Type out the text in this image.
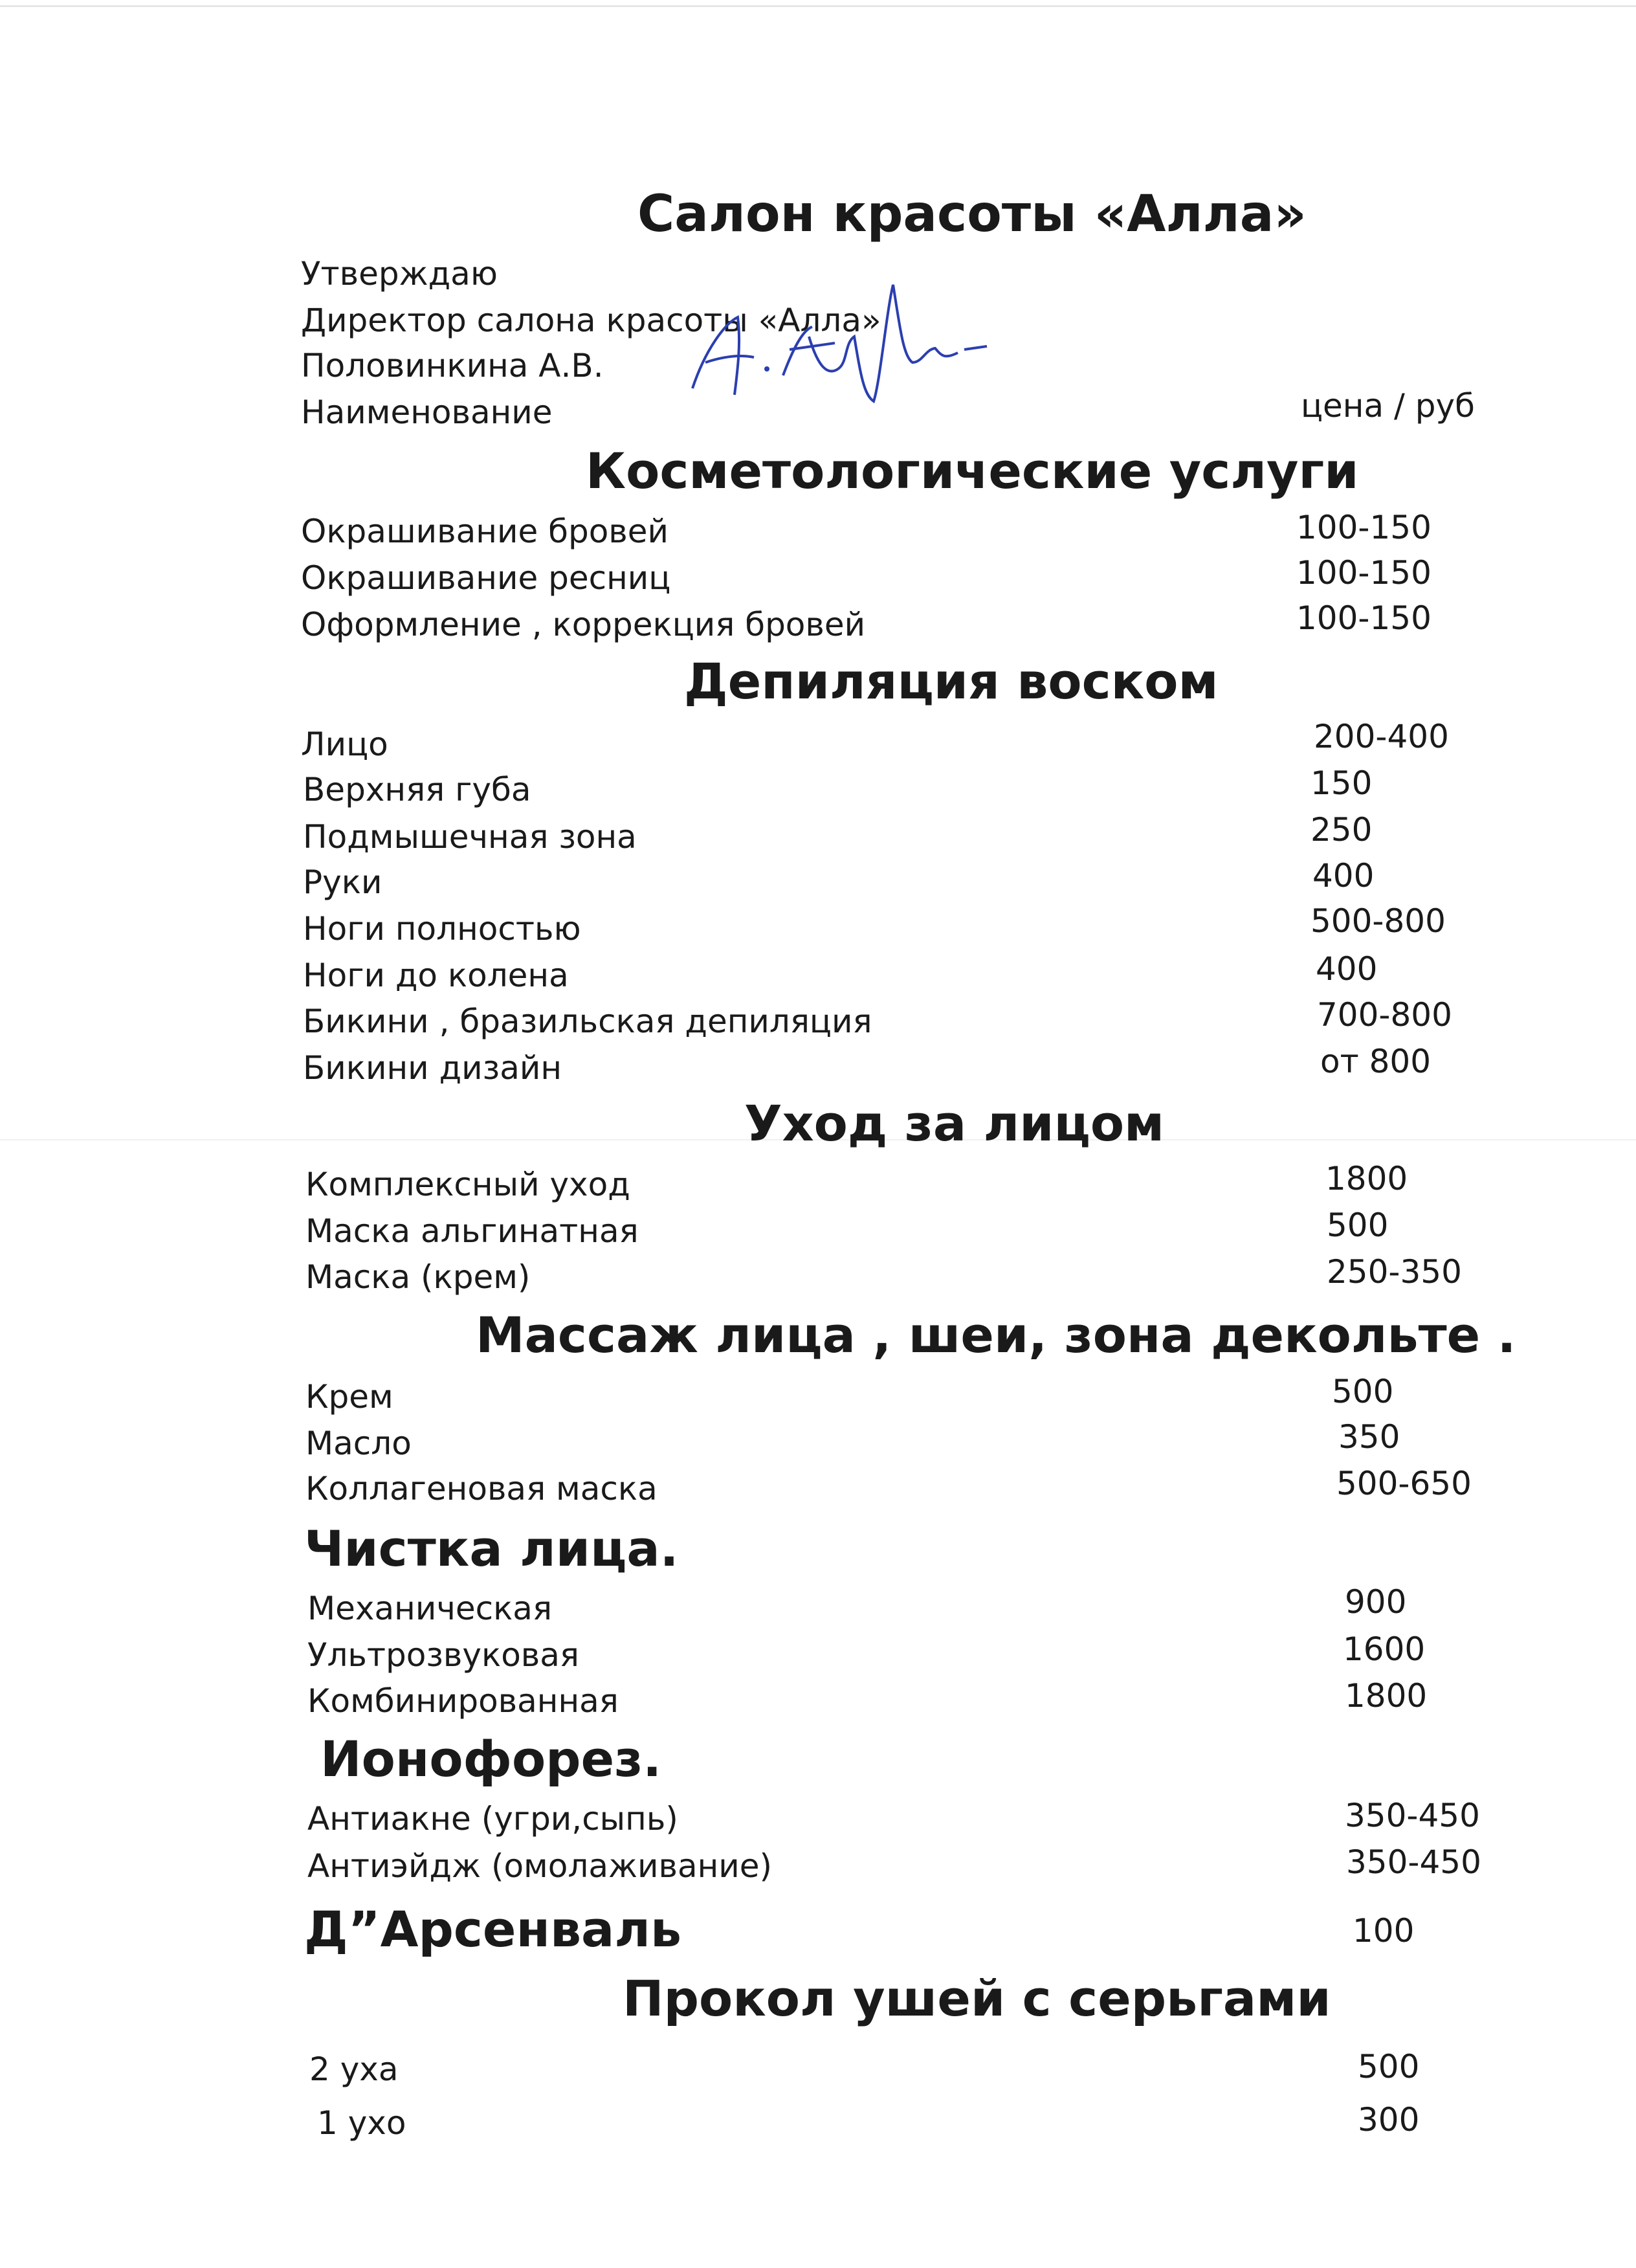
Салон красоты «Алла»
Утверждаю
Директор салона красоты «Алла»
Половинкина А.В.
Наименование	цена / руб
Косметологические услуги
Окрашивание бровей	100-150
Окрашивание ресниц	100-150
Оформление , коррекция бровей	100-150
Депиляция воском
Лицо	200-400
Верхняя губа	150
Подмышечная зона	250
Руки	400
Ноги полностью	500-800
Ноги до колена	400
Бикини , бразильская депиляция	700-800
Бикини дизайн	от 800
Уход за лицом
Комплексный уход	1800
Маска альгинатная	500
Маска (крем)	250-350
Массаж лица , шеи, зона декольте .
Крем	500
Масло	350
Коллагеновая маска	500-650
Чистка лица.
Механическая	900
Ультрозвуковая	1600
Комбинированная	1800
Ионофорез.
Антиакне (угри,сыпь)	350-450
Антиэйдж (омолаживание)	350-450
Д”Арсенваль	100
Прокол ушей с серьгами
2 уха	500
1 ухо	300
